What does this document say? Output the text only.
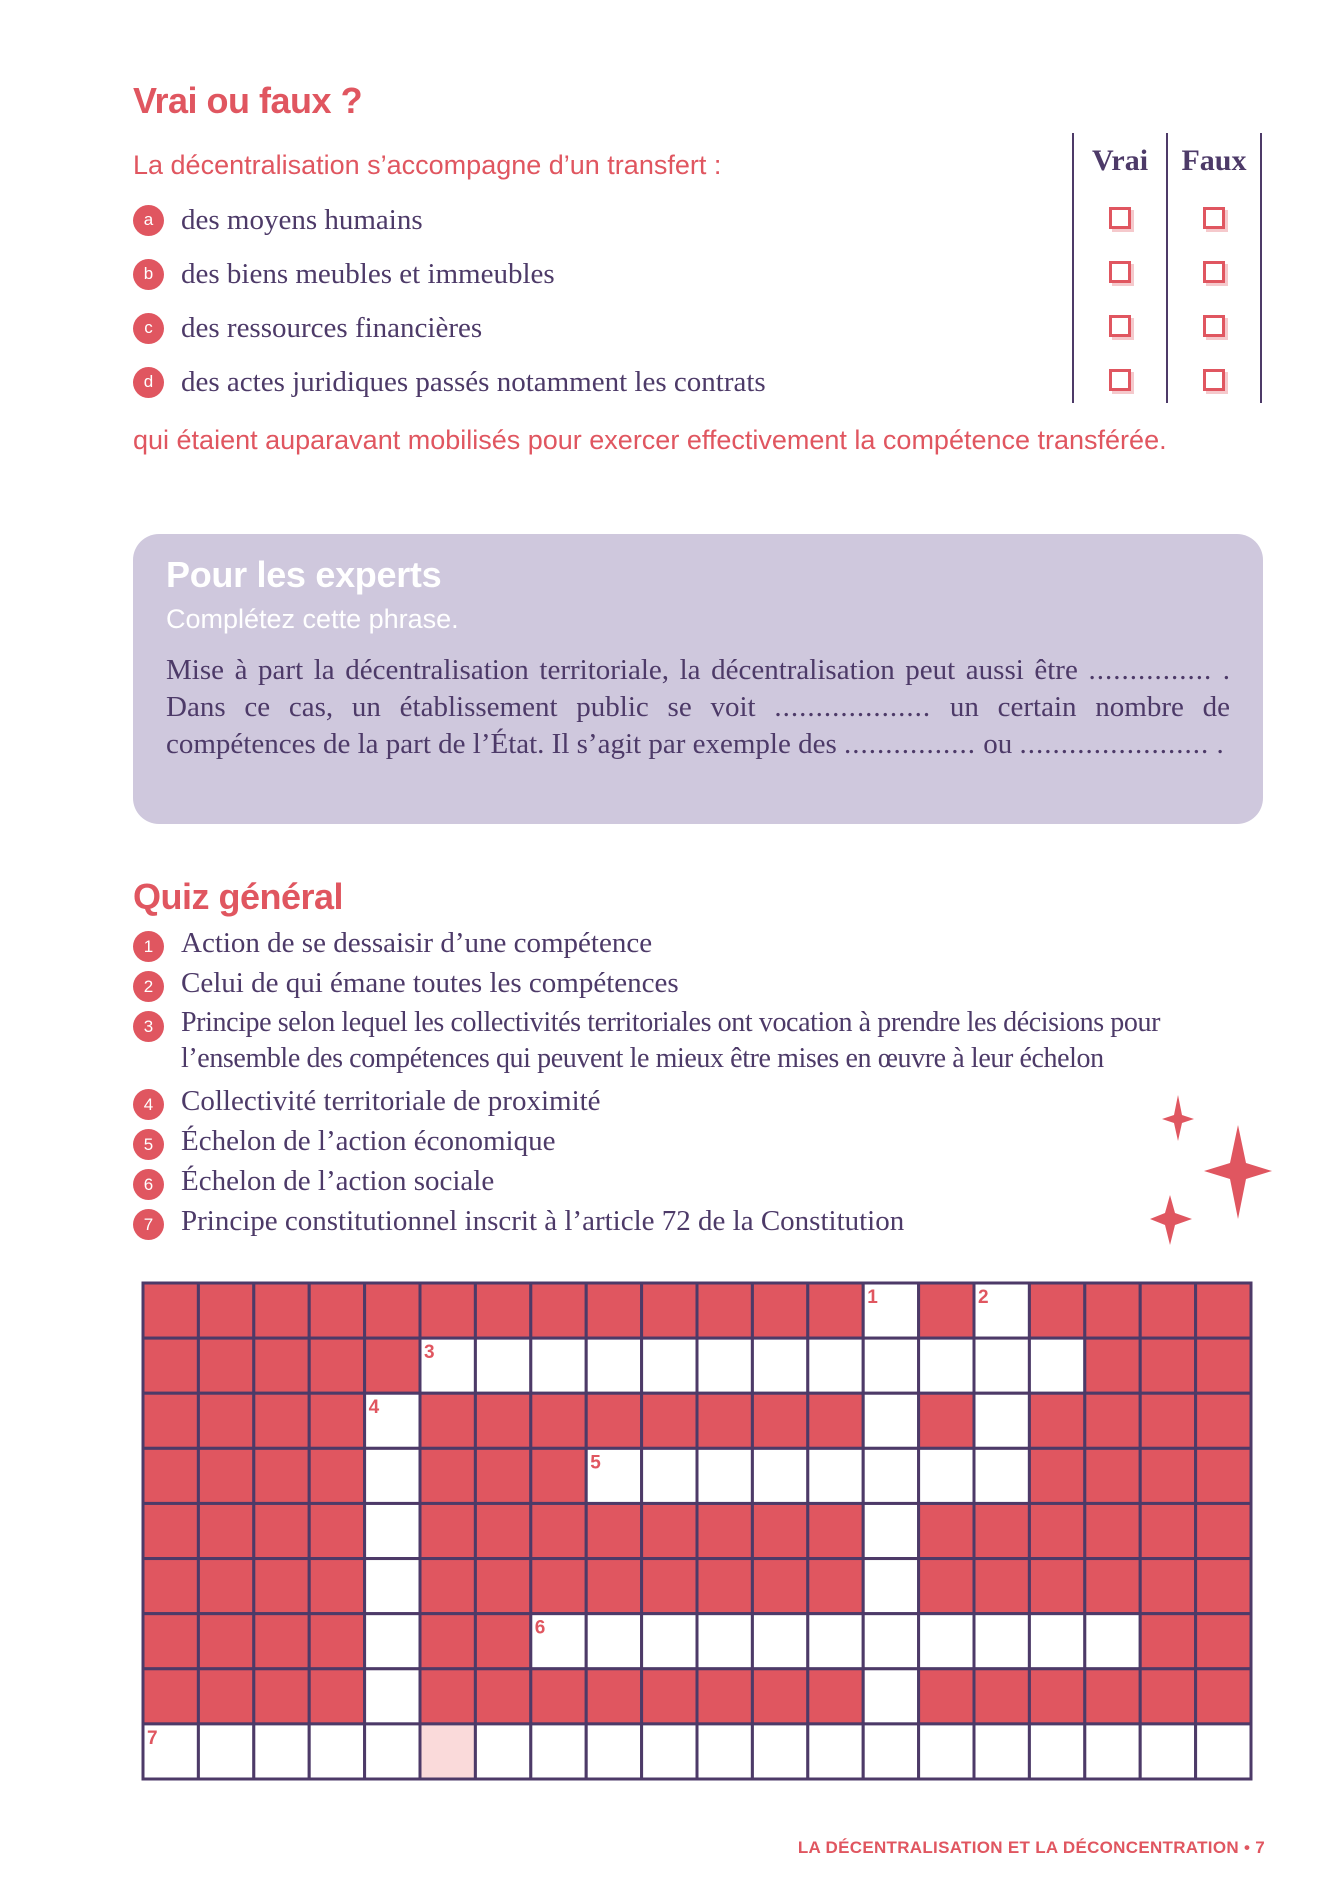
Vrai ou faux ?
La décentralisation s’accompagne d’un transfert :
a des moyens humains
b des biens meubles et immeubles
c des ressources financières
d des actes juridiques passés notamment les contrats
Vrai	Faux
qui étaient auparavant mobilisés pour exercer effectivement la compétence transférée.
Pour les experts
Complétez cette phrase.
Mise à part la décentralisation territoriale, la décentralisation peut aussi être ............... . Dans ce cas, un établissement public se voit ................... un certain nombre de compétences de la part de l’État. Il s’agit par exemple des ................ ou ....................... .
Quiz général
1 Action de se dessaisir d’une compétence
2 Celui de qui émane toutes les compétences
3 Principe selon lequel les collectivités territoriales ont vocation à prendre les décisions pour l’ensemble des compétences qui peuvent le mieux être mises en œuvre à leur échelon
4 Collectivité territoriale de proximité
5 Échelon de l’action économique
6 Échelon de l’action sociale
7 Principe constitutionnel inscrit à l’article 72 de la Constitution
1	2
3
4
5
6
7
LA DÉCENTRALISATION ET LA DÉCONCENTRATION • 7
